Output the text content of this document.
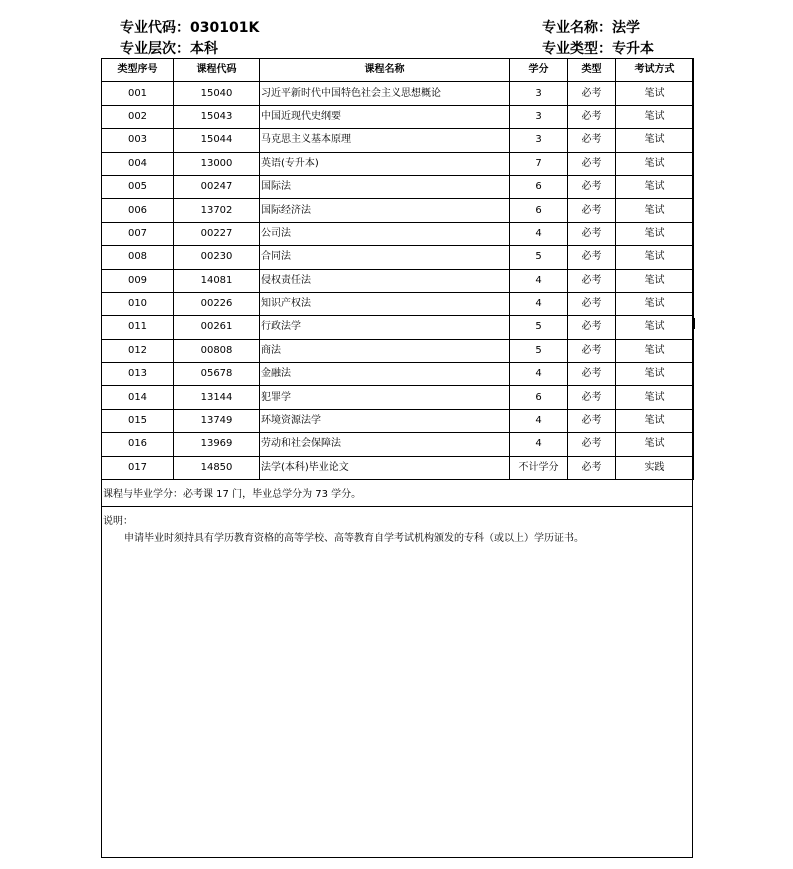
专业代码：030101K
专业层次：本科
专业名称：法学
专业类型：专升本
类型序号	课程代码	课程名称	学分	类型	考试方式
001	15040	习近平新时代中国特色社会主义思想概论	3	必考	笔试
002	15043	中国近现代史纲要	3	必考	笔试
003	15044	马克思主义基本原理	3	必考	笔试
004	13000	英语(专升本)	7	必考	笔试
005	00247	国际法	6	必考	笔试
006	13702	国际经济法	6	必考	笔试
007	00227	公司法	4	必考	笔试
008	00230	合同法	5	必考	笔试
009	14081	侵权责任法	4	必考	笔试
010	00226	知识产权法	4	必考	笔试
011	00261	行政法学	5	必考	笔试
012	00808	商法	5	必考	笔试
013	05678	金融法	4	必考	笔试
014	13144	犯罪学	6	必考	笔试
015	13749	环境资源法学	4	必考	笔试
016	13969	劳动和社会保障法	4	必考	笔试
017	14850	法学(本科)毕业论文	不计学分	必考	实践
课程与毕业学分：必考课 17 门，毕业总学分为 73 学分。
说明：
申请毕业时须持具有学历教育资格的高等学校、高等教育自学考试机构颁发的专科（或以上）学历证书。
